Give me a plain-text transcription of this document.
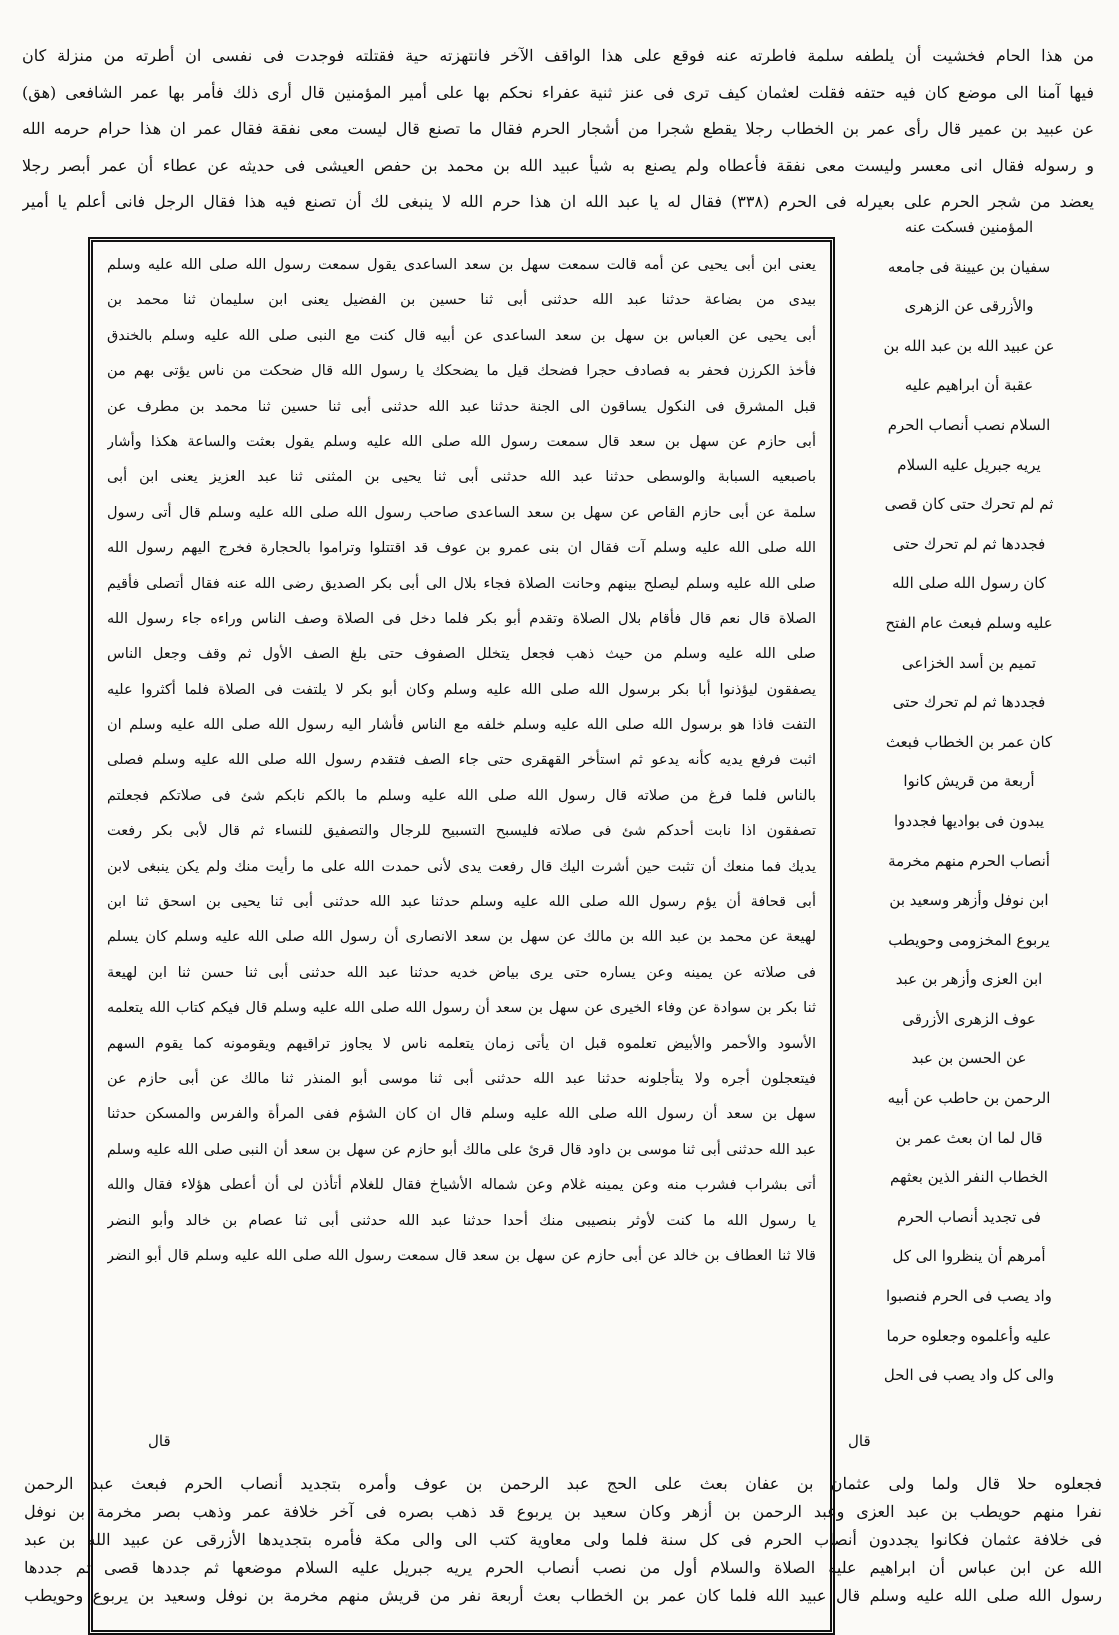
من هذا الحام فخشيت أن يلطفه سلمة فاطرته عنه فوقع على هذا الواقف الآخر فانتهزته حية فقتلته فوجدت فى نفسى ان أطرته من منزلة كان
فيها آمنا الى موضع كان فيه حتفه فقلت لعثمان كيف ترى فى عنز ثنية عفراء نحكم بها على أمير المؤمنين قال أرى ذلك فأمر بها عمر الشافعى (هق)
عن عبيد بن عمير قال رأى عمر بن الخطاب رجلا يقطع شجرا من أشجار الحرم فقال ما تصنع قال ليست معى نفقة فقال عمر ان هذا حرام حرمه الله
و رسوله فقال انى معسر وليست معى نفقة فأعطاه ولم يصنع به شيأ عبيد الله بن محمد بن حفص العيشى فى حديثه عن عطاء أن عمر أبصر رجلا
يعضد من شجر الحرم على بعيرله فى الحرم (٣٣٨) فقال له يا عبد الله ان هذا حرم الله لا ينبغى لك أن تصنع فيه هذا فقال الرجل فانى أعلم يا أمير
يعنى ابن أبى يحيى عن أمه قالت سمعت سهل بن سعد الساعدى يقول سمعت رسول الله صلى الله عليه وسلم
بيدى من بضاعة حدثنا عبد الله حدثنى أبى ثنا حسين بن الفضيل يعنى ابن سليمان ثنا محمد بن
أبى يحيى عن العباس بن سهل بن سعد الساعدى عن أبيه قال كنت مع النبى صلى الله عليه وسلم بالخندق
فأخذ الكرزن فحفر به فصادف حجرا فضحك قيل ما يضحكك يا رسول الله قال ضحكت من ناس يؤتى بهم من
قبل المشرق فى النكول يساقون الى الجنة حدثنا عبد الله حدثنى أبى ثنا حسين ثنا محمد بن مطرف عن
أبى حازم عن سهل بن سعد قال سمعت رسول الله صلى الله عليه وسلم يقول بعثت والساعة هكذا وأشار
باصبعيه السبابة والوسطى حدثنا عبد الله حدثنى أبى ثنا يحيى بن المثنى ثنا عبد العزيز يعنى ابن أبى
سلمة عن أبى حازم القاص عن سهل بن سعد الساعدى صاحب رسول الله صلى الله عليه وسلم قال أتى رسول
الله صلى الله عليه وسلم آت فقال ان بنى عمرو بن عوف قد اقتتلوا وتراموا بالحجارة فخرج اليهم رسول الله
صلى الله عليه وسلم ليصلح بينهم وحانت الصلاة فجاء بلال الى أبى بكر الصديق رضى الله عنه فقال أتصلى فأقيم
الصلاة قال نعم قال فأقام بلال الصلاة وتقدم أبو بكر فلما دخل فى الصلاة وصف الناس وراءه جاء رسول الله
صلى الله عليه وسلم من حيث ذهب فجعل يتخلل الصفوف حتى بلغ الصف الأول ثم وقف وجعل الناس
يصفقون ليؤذنوا أبا بكر برسول الله صلى الله عليه وسلم وكان أبو بكر لا يلتفت فى الصلاة فلما أكثروا عليه
التفت فاذا هو برسول الله صلى الله عليه وسلم خلفه مع الناس فأشار اليه رسول الله صلى الله عليه وسلم ان
اثبت فرفع يديه كأنه يدعو ثم استأخر القهقرى حتى جاء الصف فتقدم رسول الله صلى الله عليه وسلم فصلى
بالناس فلما فرغ من صلاته قال رسول الله صلى الله عليه وسلم ما بالكم نابكم شئ فى صلاتكم فجعلتم
تصفقون اذا نابت أحدكم شئ فى صلاته فليسبح التسبيح للرجال والتصفيق للنساء ثم قال لأبى بكر رفعت
يديك فما منعك أن تثبت حين أشرت اليك قال رفعت يدى لأنى حمدت الله على ما رأيت منك ولم يكن ينبغى لابن
أبى قحافة أن يؤم رسول الله صلى الله عليه وسلم حدثنا عبد الله حدثنى أبى ثنا يحيى بن اسحق ثنا ابن
لهيعة عن محمد بن عبد الله بن مالك عن سهل بن سعد الانصارى أن رسول الله صلى الله عليه وسلم كان يسلم
فى صلاته عن يمينه وعن يساره حتى يرى بياض خديه حدثنا عبد الله حدثنى أبى ثنا حسن ثنا ابن لهيعة
ثنا بكر بن سوادة عن وفاء الخيرى عن سهل بن سعد أن رسول الله صلى الله عليه وسلم قال فيكم كتاب الله يتعلمه
الأسود والأحمر والأبيض تعلموه قبل ان يأتى زمان يتعلمه ناس لا يجاوز تراقيهم ويقومونه كما يقوم السهم
فيتعجلون أجره ولا يتأجلونه حدثنا عبد الله حدثنى أبى ثنا موسى أبو المنذر ثنا مالك عن أبى حازم عن
سهل بن سعد أن رسول الله صلى الله عليه وسلم قال ان كان الشؤم ففى المرأة والفرس والمسكن حدثنا
عبد الله حدثنى أبى ثنا موسى بن داود قال قرئ على مالك أبو حازم عن سهل بن سعد أن النبى صلى الله عليه وسلم
أتى بشراب فشرب منه وعن يمينه غلام وعن شماله الأشياخ فقال للغلام أتأذن لى أن أعطى هؤلاء فقال والله
يا رسول الله ما كنت لأوثر بنصيبى منك أحدا حدثنا عبد الله حدثنى أبى ثنا عصام بن خالد وأبو النضر
قالا ثنا العطاف بن خالد عن أبى حازم عن سهل بن سعد قال سمعت رسول الله صلى الله عليه وسلم قال أبو النضر
المؤمنين فسكت عنه
سفيان بن عيينة فى جامعه
والأزرقى عن الزهرى
عن عبيد الله بن عبد الله بن
عقبة أن ابراهيم عليه
السلام نصب أنصاب الحرم
يريه جبريل عليه السلام
ثم لم تحرك حتى كان قصى
فجددها ثم لم تحرك حتى
كان رسول الله صلى الله
عليه وسلم فبعث عام الفتح
تميم بن أسد الخزاعى
فجددها ثم لم تحرك حتى
كان عمر بن الخطاب فبعث
أربعة من قريش كانوا
يبدون فى بواديها فجددوا
أنصاب الحرم منهم مخرمة
ابن نوفل وأزهر وسعيد بن
يربوع المخزومى وحويطب
ابن العزى وأزهر بن عبد
عوف الزهرى الأزرقى
عن الحسن بن عبد
الرحمن بن حاطب عن أبيه
قال لما ان بعث عمر بن
الخطاب النفر الذين بعثهم
فى تجديد أنصاب الحرم
أمرهم أن ينظروا الى كل
واد يصب فى الحرم فنصبوا
عليه وأعلموه وجعلوه حرما
والى كل واد يصب فى الحل
قال	قال
فجعلوه حلا قال ولما ولى عثمان بن عفان بعث على الحج عبد الرحمن بن عوف وأمره بتجديد أنصاب الحرم فبعث عبد الرحمن
نفرا منهم حويطب بن عبد العزى وعبد الرحمن بن أزهر وكان سعيد بن يربوع قد ذهب بصره فى آخر خلافة عمر وذهب بصر مخرمة بن نوفل
فى خلافة عثمان فكانوا يجددون أنصاب الحرم فى كل سنة فلما ولى معاوية كتب الى والى مكة فأمره بتجديدها الأزرقى عن عبيد الله بن عبد
الله عن ابن عباس أن ابراهيم عليه الصلاة والسلام أول من نصب أنصاب الحرم يريه جبريل عليه السلام موضعها ثم جددها قصى ثم جددها
رسول الله صلى الله عليه وسلم قال عبيد الله فلما كان عمر بن الخطاب بعث أربعة نفر من قريش منهم مخرمة بن نوفل وسعيد بن يربوع وحويطب
